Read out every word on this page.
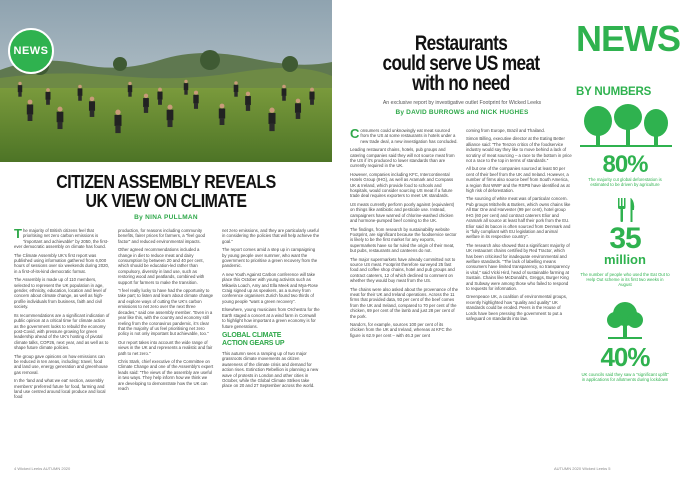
NEWS
CITIZEN ASSEMBLY REVEALS
UK VIEW ON CLIMATE
By NINA PULLMAN

The majority of British citizens feel that prioritising net zero carbon emissions is "important and achievable" by 2050, the first-ever democratic assembly on climate has found.

The Climate Assembly UK's first report was published using information gathered from 6,000 hours of sessions over six weekends during 2020, in a first-of-its-kind democratic format.

The Assembly is made up of 110 members, selected to represent the UK population in age, gender, ethnicity, education, location and level of concern about climate change, as well as high-profile individuals from business, faith and civil society.

Its recommendations are a significant indication of public opinion at a critical time for climate action as the government looks to rebuild the economy post-Covid, with pressure growing for green leadership ahead of the UK's hosting of pivotal climate talks, COP26, next year, and as well as to shape future climate policies.

The group gave opinions on how emissions can be reduced in ten areas, including: travel, food and land use, energy generation and greenhouse gas removal.

In the 'land and what we eat' section, assembly members' preferred future for food, farming and land use centred around local produce and local food

production, for reasons including community benefits, fairer prices for farmers, a "feel good factor" and reduced environmental impacts.

Other agreed recommendations included a change in diet to reduce meat and dairy consumption by between 20 and 40 per cent, which should be education-led rather than compulsory, diversity in land use, such as restoring wood and peatlands, combined with support for farmers to make the transition.

"I feel really lucky to have had the opportunity to take part; to listen and learn about climate change and explore ways of cutting the UK's carbon emissions to net zero over the next three decades," said one assembly member. "Even in a year like this, with the country and economy still reeling from the coronavirus pandemic, it's clear that the majority of us feel prioritising net zero policy is not only important but achievable, too."

Our report takes into account the wide range of views in the UK and represents a realistic and fair path to net zero."

Chris Stark, chief executive of the Committee on Climate Change and one of the Assembly's expert leads said: "The views of the assembly are useful in two ways. They help inform how we think we are developing to demonstrate how the UK can reach

net zero emissions, and they are particularly useful in considering the policies that will help achieve the goal."

The report comes amid a step up in campaigning by young people over summer, who want the government to prioritise a green recovery from the pandemic.

A new Youth Against Carbon conference will take place this October with young activists such as Mikaela Loach, Amy and Ella Meek and Mya-Rose Craig signed up as speakers, as a survey from conference organisers Zurich found two thirds of young people "want a green recovery".

Elsewhere, young musicians from Orchestra for the Earth staged a concert at a wind farm in Cornwall to highlight how important a green economy is for future generations.

GLOBAL CLIMATE
ACTION GEARS UP

This autumn sees a ramping up of two major grassroots climate movements as citizen awareness of the climate crisis and demand for action rises. Extinction Rebellion is planning a new wave of protests in London and other cities in October, while the Global Climate Strikes take place on 20 and 27 September across the world.

4 Wicked Leeks AUTUMN 2020
Restaurants
could serve US meat
with no need
An exclusive report by investigative outlet Footprint for Wicked Leeks
By DAVID BURROWS and NICK HUGHES

Consumers could unknowingly eat meat sourced from the US at some restaurants in hotels under a new trade deal, a new investigation has concluded.

Leading restaurant chains, hotels, pub groups and catering companies said they will not source meat from the US if it's produced to lower standards than are currently required in the UK.

However, companies including KFC, Intercontinental Hotels Group (IHG), as well as Aramark and Compass UK & Ireland, which provide food to schools and hospitals, would consider sourcing US meat if a future trade deal requires exporters to meet UK standards.

US meats currently perform poorly against (equivalent) on things like antibiotic and pesticide use. Instead, campaigners have warned of chlorine-washed chicken and hormone-pumped beef coming to the UK.

The findings, from research by sustainability website Footprint, are significant because the foodservice sector is likely to be the first market for any exports, supermarkets have so far ruled the origin of their meat, but pubs, restaurants and canteens do not.

The major supermarkets have already committed not to source US meat. Footprint therefore surveyed 25 fast food and coffee shop chains, hotel and pub groups and contract caterers, 12 of which declined to comment on whether they would buy meat from the US.

The chains were also asked about the provenance of the meat for their UK and Ireland operations. Across the 11 firms that provided data, 93 per cent of the beef comes from the UK and Ireland, compared to 70 per cent of the chicken, 69 per cent of the lamb and just 28 per cent of the pork.

Nando's, for example, sources 100 per cent of its chicken from the UK and Ireland, whereas at KFC the figure is 62.9 per cent – with 46.3 per cent

coming from Europe, Brazil and Thailand.

Simon Billing, executive director at the Eating Better alliance said: "The Tenzon critics of the foodservice industry would say they like to move behind a lack of scrutiny of meat sourcing – a race to the bottom in price not a race to the top in terms of standards."

All but one of the companies sourced at least 50 per cent of their beef from the UK and Ireland. However, a number of firms also source beef from South America, a region that WWF and the RSPB have identified as at high risk of deforestation.

The sourcing of white meat was of particular concern. Pub groups Mitchells & Butlers, which owns chains like All Bar One and Harvester (99 per cent), hotel group IHG (60 per cent) and contract caterers Elior and Aramark all source at least half their pork from the EU. Elior said its bacon is often sourced from Denmark and is "fully compliant with EU legislation and animal welfare in its respective country".

The research also showed that a significant majority of UK restaurant chains certified by Red Tractor, which has been criticised for inadequate environmental and welfare standards. "The lack of labelling means consumers have limited transparency, so transparency is vital," said Vicki Hird, head of sustainable farming at Sustain. Chains like McDonald's, Greggs, Burger King and Subway were among those who failed to respond to requests for information.

Greenpeace UK, a coalition of environmental groups, recently highlighted how "quality and quality" UK standards could be eroded. Peers in the House of Lords have been pressing the government to put a safeguard on standards into law.

AUTUMN 2020 Wicked Leeks 5
NEWS
BY NUMBERS
80%
The majority cut global deforestation is estimated to be driven by agriculture
35
million
The number of people who used the Eat Out to Help Out scheme in its first two weeks in August
40%
UK councils said they saw a "significant uplift" in applications for allotments during lockdown
